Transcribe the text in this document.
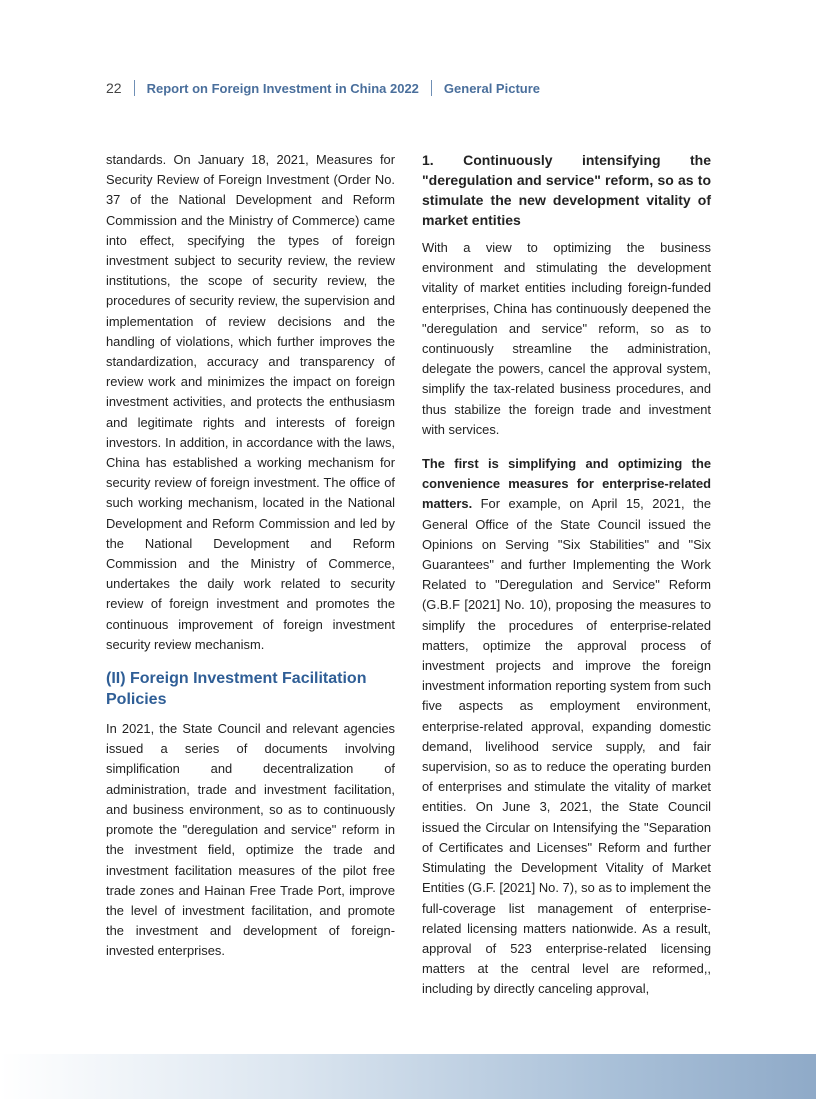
22 Report on Foreign Investment in China 2022 General Picture

standards. On January 18, 2021, Measures for Security Review of Foreign Investment (Order No. 37 of the National Development and Reform Commission and the Ministry of Commerce) came into effect, specifying the types of foreign investment subject to security review, the review institutions, the scope of security review, the procedures of security review, the supervision and implementation of review decisions and the handling of violations, which further improves the standardization, accuracy and transparency of review work and minimizes the impact on foreign investment activities, and protects the enthusiasm and legitimate rights and interests of foreign investors. In addition, in accordance with the laws, China has established a working mechanism for security review of foreign investment. The office of such working mechanism, located in the National Development and Reform Commission and led by the National Development and Reform Commission and the Ministry of Commerce, undertakes the daily work related to security review of foreign investment and promotes the continuous improvement of foreign investment security review mechanism.

(II) Foreign Investment Facilitation Policies

In 2021, the State Council and relevant agencies issued a series of documents involving simplification and decentralization of administration, trade and investment facilitation, and business environment, so as to continuously promote the "deregulation and service" reform in the investment field, optimize the trade and investment facilitation measures of the pilot free trade zones and Hainan Free Trade Port, improve the level of investment facilitation, and promote the investment and development of foreign-invested enterprises.

1. Continuously intensifying the "deregulation and service" reform, so as to stimulate the new development vitality of market entities

With a view to optimizing the business environment and stimulating the development vitality of market entities including foreign-funded enterprises, China has continuously deepened the "deregulation and service" reform, so as to continuously streamline the administration, delegate the powers, cancel the approval system, simplify the tax-related business procedures, and thus stabilize the foreign trade and investment with services.

The first is simplifying and optimizing the convenience measures for enterprise-related matters. For example, on April 15, 2021, the General Office of the State Council issued the Opinions on Serving "Six Stabilities" and "Six Guarantees" and further Implementing the Work Related to "Deregulation and Service" Reform (G.B.F [2021] No. 10), proposing the measures to simplify the procedures of enterprise-related matters, optimize the approval process of investment projects and improve the foreign investment information reporting system from such five aspects as employment environment, enterprise-related approval, expanding domestic demand, livelihood service supply, and fair supervision, so as to reduce the operating burden of enterprises and stimulate the vitality of market entities. On June 3, 2021, the State Council issued the Circular on Intensifying the "Separation of Certificates and Licenses" Reform and further Stimulating the Development Vitality of Market Entities (G.F. [2021] No. 7), so as to implement the full-coverage list management of enterprise-related licensing matters nationwide. As a result, approval of 523 enterprise-related licensing matters at the central level are reformed,, including by directly canceling approval,
